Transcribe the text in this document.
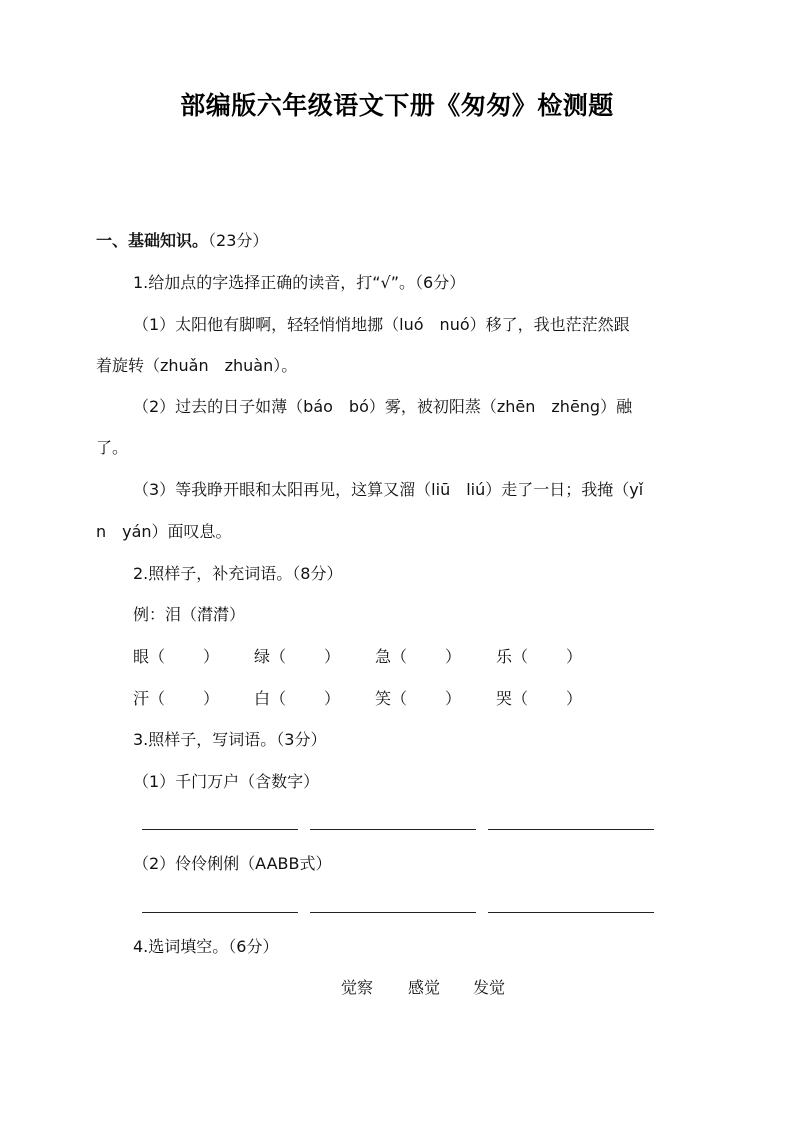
部编版六年级语文下册《匆匆》检测题
一、基础知识。（23分）
1.给加点的字选择正确的读音，打“√”。（6分）
（1）太阳他有脚啊，轻轻悄悄地挪（luó　nuó）移了，我也茫茫然跟
着旋转（zhuǎn　zhuàn）。
（2）过去的日子如薄（báo　bó）雾，被初阳蒸（zhēn　zhēng）融
了。
（3）等我睁开眼和太阳再见，这算又溜（liū　liú）走了一日；我掩（yǐ
n　yán）面叹息。
2.照样子，补充词语。（8分）
例：泪（潸潸）
眼（ ） 绿（ ） 急（ ） 乐（ ）
汗（ ） 白（ ） 笑（ ） 哭（ ）
3.照样子，写词语。（3分）
（1）千门万户（含数字）
（2）伶伶俐俐（AABB式）
4.选词填空。（6分）
觉察 感觉 发觉
